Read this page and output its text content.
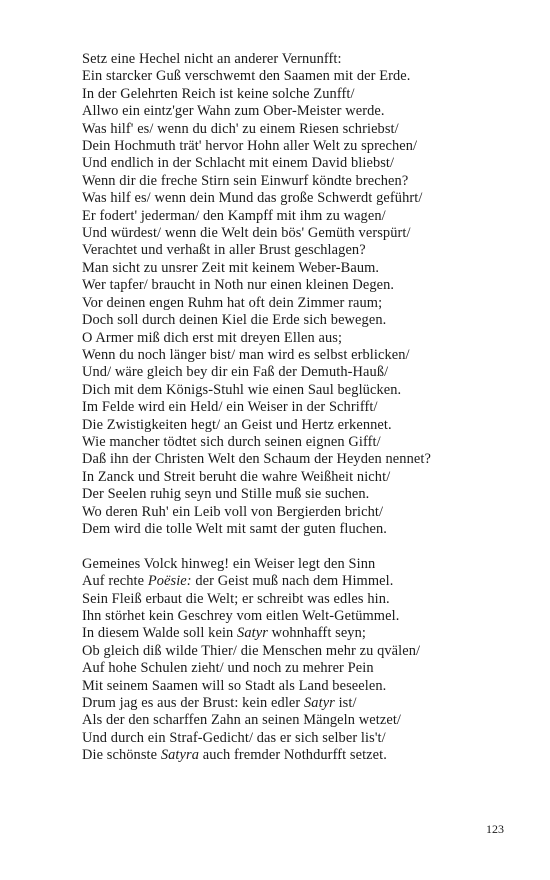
Setz eine Hechel nicht an anderer Vernunfft:
Ein starcker Guß verschwemt den Saamen mit der Erde.
In der Gelehrten Reich ist keine solche Zunfft/
Allwo ein eintz'ger Wahn zum Ober-Meister werde.
Was hilf' es/ wenn du dich' zu einem Riesen schriebst/
Dein Hochmuth trät' hervor Hohn aller Welt zu sprechen/
Und endlich in der Schlacht mit einem David bliebst/
Wenn dir die freche Stirn sein Einwurf köndte brechen?
Was hilf es/ wenn dein Mund das große Schwerdt geführt/
Er fodert' jederman/ den Kampff mit ihm zu wagen/
Und würdest/ wenn die Welt dein bös' Gemüth verspürt/
Verachtet und verhaßt in aller Brust geschlagen?
Man sicht zu unsrer Zeit mit keinem Weber-Baum.
Wer tapfer/ braucht in Noth nur einen kleinen Degen.
Vor deinen engen Ruhm hat oft dein Zimmer raum;
Doch soll durch deinen Kiel die Erde sich bewegen.
O Armer miß dich erst mit dreyen Ellen aus;
Wenn du noch länger bist/ man wird es selbst erblicken/
Und/ wäre gleich bey dir ein Faß der Demuth-Hauß/
Dich mit dem Königs-Stuhl wie einen Saul beglücken.
Im Felde wird ein Held/ ein Weiser in der Schrifft/
Die Zwistigkeiten hegt/ an Geist und Hertz erkennet.
Wie mancher tödtet sich durch seinen eignen Gifft/
Daß ihn der Christen Welt den Schaum der Heyden nennet?
In Zanck und Streit beruht die wahre Weißheit nicht/
Der Seelen ruhig seyn und Stille muß sie suchen.
Wo deren Ruh' ein Leib voll von Bergierden bricht/
Dem wird die tolle Welt mit samt der guten fluchen.
Gemeines Volck hinweg! ein Weiser legt den Sinn
Auf rechte Poësie: der Geist muß nach dem Himmel.
Sein Fleiß erbaut die Welt; er schreibt was edles hin.
Ihn störhet kein Geschrey vom eitlen Welt-Getümmel.
In diesem Walde soll kein Satyr wohnhafft seyn;
Ob gleich diß wilde Thier/ die Menschen mehr zu qvälen/
Auf hohe Schulen zieht/ und noch zu mehrer Pein
Mit seinem Saamen will so Stadt als Land beseelen.
Drum jag es aus der Brust: kein edler Satyr ist/
Als der den scharffen Zahn an seinen Mängeln wetzet/
Und durch ein Straf-Gedicht/ das er sich selber lis't/
Die schönste Satyra auch fremder Nothdurfft setzet.
123
